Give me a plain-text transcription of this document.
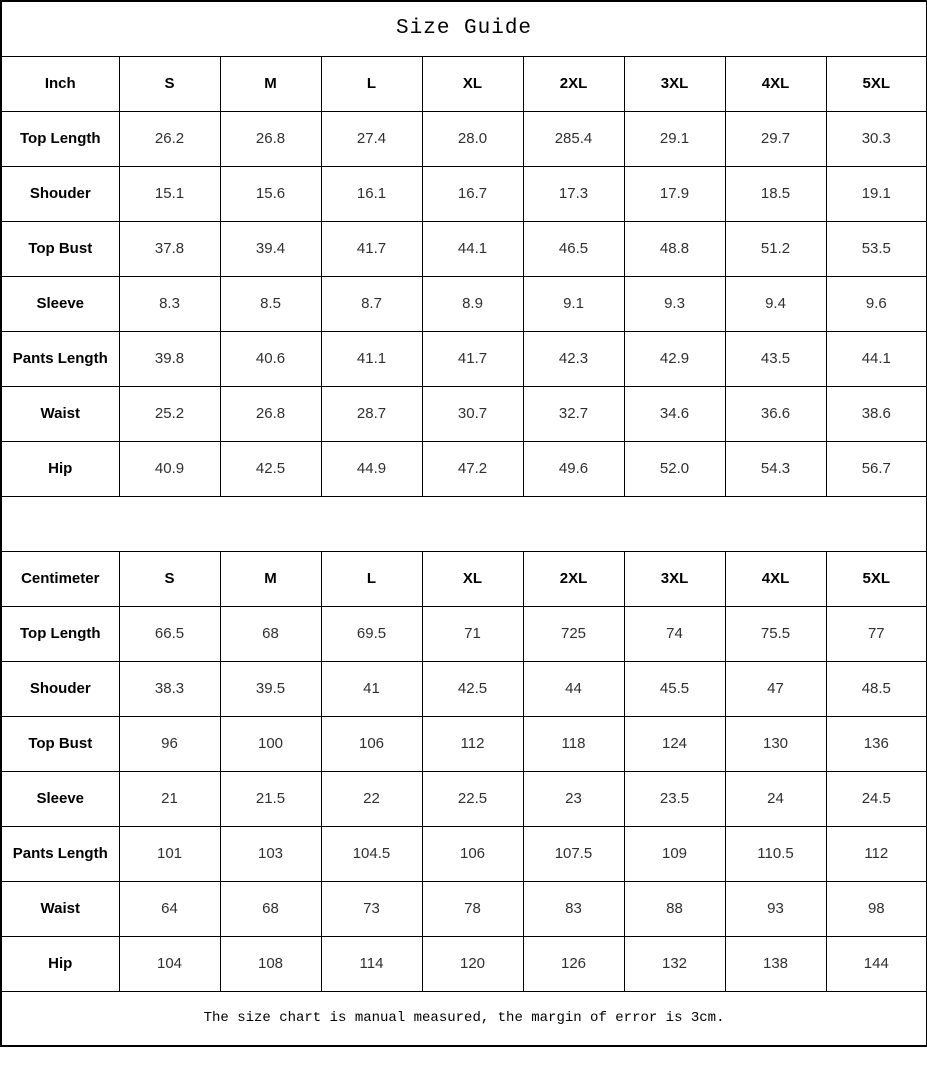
Size Guide								
Inch	S	M	L	XL	2XL	3XL	4XL	5XL
Top Length	26.2	26.8	27.4	28.0	285.4	29.1	29.7	30.3
Shouder	15.1	15.6	16.1	16.7	17.3	17.9	18.5	19.1
Top Bust	37.8	39.4	41.7	44.1	46.5	48.8	51.2	53.5
Sleeve	8.3	8.5	8.7	8.9	9.1	9.3	9.4	9.6
Pants Length	39.8	40.6	41.1	41.7	42.3	42.9	43.5	44.1
Waist	25.2	26.8	28.7	30.7	32.7	34.6	36.6	38.6
Hip	40.9	42.5	44.9	47.2	49.6	52.0	54.3	56.7

Centimeter	S	M	L	XL	2XL	3XL	4XL	5XL
Top Length	66.5	68	69.5	71	725	74	75.5	77
Shouder	38.3	39.5	41	42.5	44	45.5	47	48.5
Top Bust	96	100	106	112	118	124	130	136
Sleeve	21	21.5	22	22.5	23	23.5	24	24.5
Pants Length	101	103	104.5	106	107.5	109	110.5	112
Waist	64	68	73	78	83	88	93	98
Hip	104	108	114	120	126	132	138	144
The size chart is manual measured, the margin of error is 3cm.								
